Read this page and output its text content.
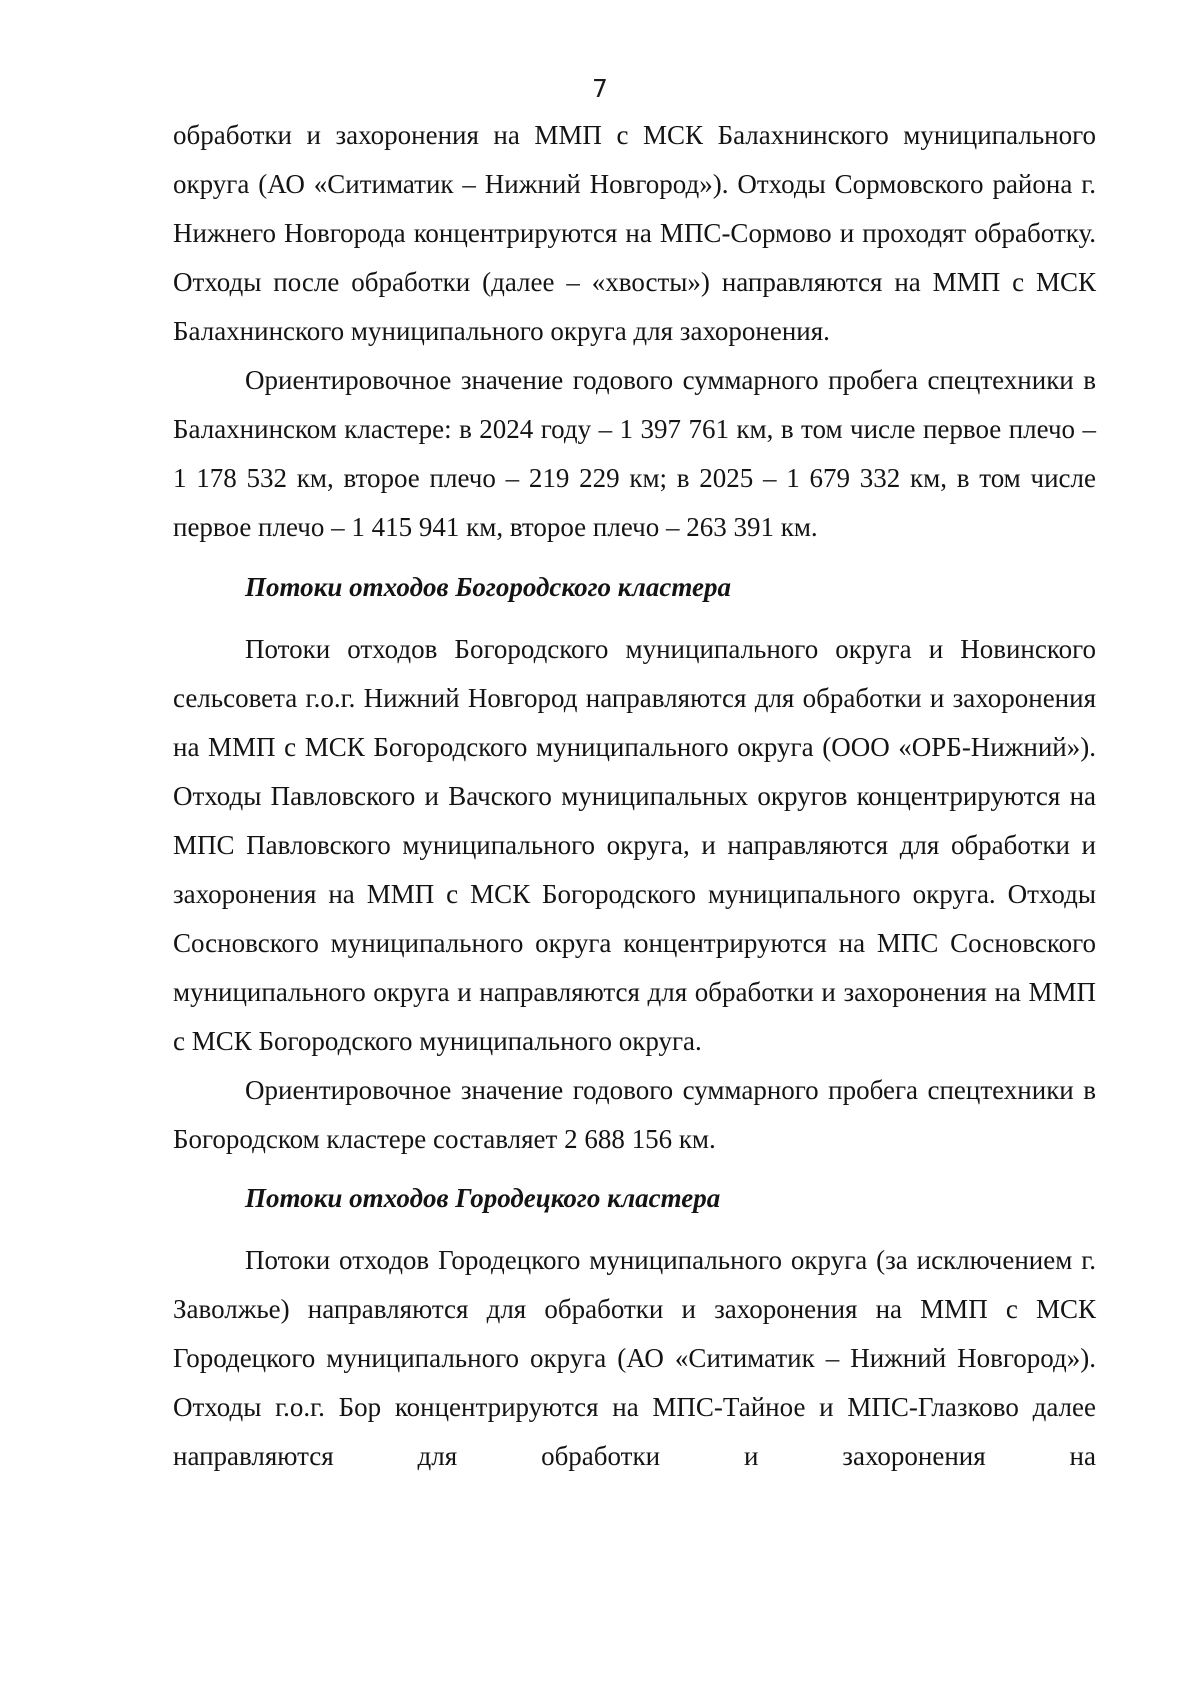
7

обработки и захоронения на ММП с МСК Балахнинского муниципального округа (АО «Ситиматик – Нижний Новгород»). Отходы Сормовского района г. Нижнего Новгорода концентрируются на МПС-Сормово и проходят обработку. Отходы после обработки (далее – «хвосты») направляются на ММП с МСК Балахнинского муниципального округа для захоронения.

Ориентировочное значение годового суммарного пробега спецтехники в Балахнинском кластере: в 2024 году – 1 397 761 км, в том числе первое плечо – 1 178 532 км, второе плечо – 219 229 км; в 2025 – 1 679 332 км, в том числе первое плечо – 1 415 941 км, второе плечо – 263 391 км.

Потоки отходов Богородского кластера

Потоки отходов Богородского муниципального округа и Новинского сельсовета г.о.г. Нижний Новгород направляются для обработки и захоронения на ММП с МСК Богородского муниципального округа (ООО «ОРБ-Нижний»). Отходы Павловского и Вачского муниципальных округов концентрируются на МПС Павловского муниципального округа, и направляются для обработки и захоронения на ММП с МСК Богородского муниципального округа. Отходы Сосновского муниципального округа концентрируются на МПС Сосновского муниципального округа и направляются для обработки и захоронения на ММП с МСК Богородского муниципального округа.

Ориентировочное значение годового суммарного пробега спецтехники в Богородском кластере составляет 2 688 156 км.

Потоки отходов Городецкого кластера

Потоки отходов Городецкого муниципального округа (за исключением г. Заволжье) направляются для обработки и захоронения на ММП с МСК Городецкого муниципального округа (АО «Ситиматик – Нижний Новгород»). Отходы г.о.г. Бор концентрируются на МПС-Тайное и МПС-Глазково далее направляются для обработки и захоронения на
